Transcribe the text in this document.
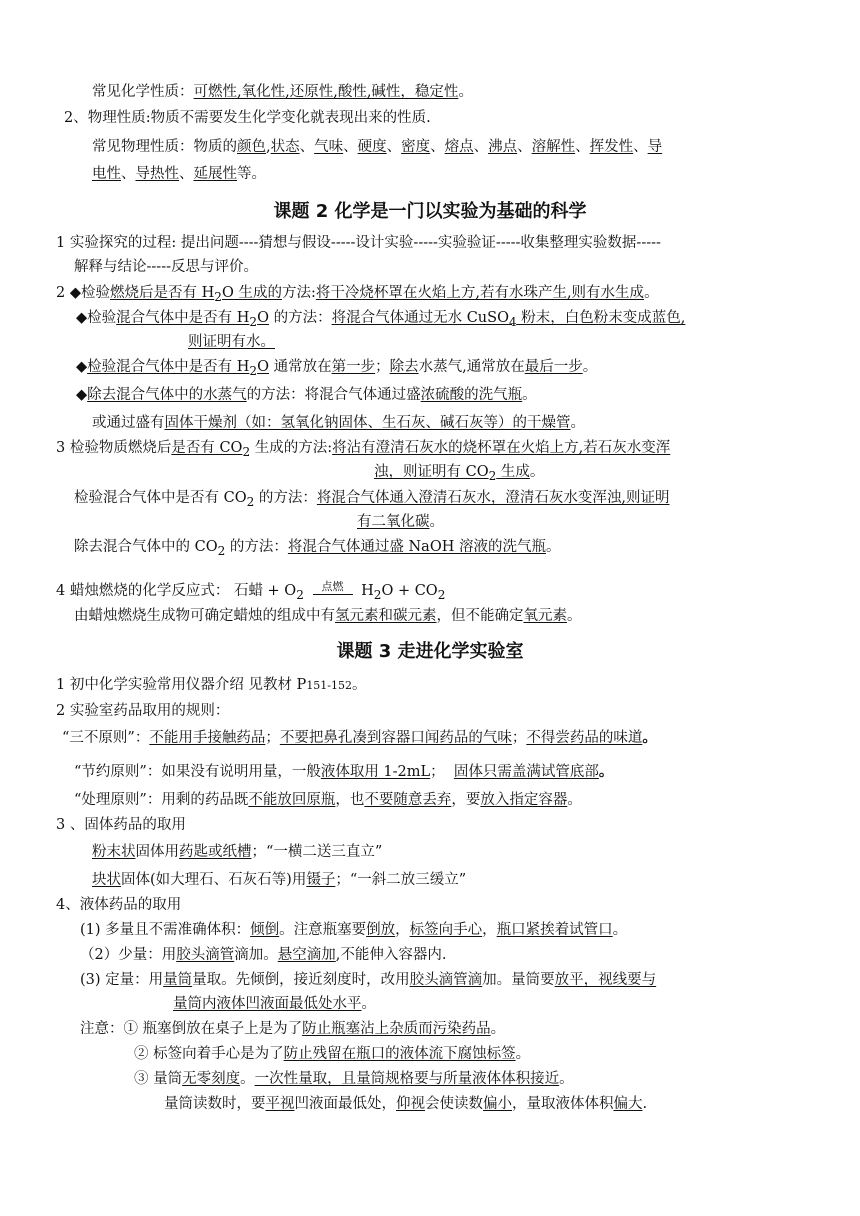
常见化学性质：可燃性,氧化性,还原性,酸性,碱性，稳定性。
2、物理性质:物质不需要发生化学变化就表现出来的性质.
常见物理性质：物质的颜色,状态、气味、硬度、密度、熔点、沸点、溶解性、挥发性、导
电性、导热性、延展性等。
课题 2 化学是一门以实验为基础的科学
1 实验探究的过程: 提出问题----猜想与假设-----设计实验-----实验验证-----收集整理实验数据-----
解释与结论-----反思与评价。
2 ◆检验燃烧后是否有 $H_2O$ 生成的方法:将干冷烧杯罩在火焰上方,若有水珠产生,则有水生成。
◆检验混合气体中是否有 $H_2O$ 的方法：将混合气体通过无水 CuSO$_4$ 粉末，白色粉末变成蓝色,
则证明有水。
◆检验混合气体中是否有 $H_2O$ 通常放在第一步；除去水蒸气,通常放在最后一步。
◆除去混合气体中的水蒸气的方法：将混合气体通过盛浓硫酸的洗气瓶。
或通过盛有固体干燥剂（如：氢氧化钠固体、生石灰、碱石灰等）的干燥管。
3 检验物质燃烧后是否有 $CO_2$ 生成的方法:将沾有澄清石灰水的烧杯罩在火焰上方,若石灰水变浑
浊，则证明有 $CO_2$ 生成。
检验混合气体中是否有 $CO_2$ 的方法：将混合气体通入澄清石灰水，澄清石灰水变浑浊,则证明
有二氧化碳。
除去混合气体中的 $CO_2$ 的方法：将混合气体通过盛 NaOH 溶液的洗气瓶。
4 蜡烛燃烧的化学反应式： 石蜡 + $O_2$
点燃	$H_2O + CO_2$
由蜡烛燃烧生成物可确定蜡烛的组成中有氢元素和碳元素，但不能确定氧元素。
课题 3 走进化学实验室
1 初中化学实验常用仪器介绍 见教材 P151-152。
2 实验室药品取用的规则：
“三不原则”：不能用手接触药品；不要把鼻孔凑到容器口闻药品的气味；不得尝药品的味道。
“节约原则”：如果没有说明用量，一般液体取用 1-2mL；  固体只需盖满试管底部。
“处理原则”：用剩的药品既不能放回原瓶，也不要随意丢弃，要放入指定容器。
3 、固体药品的取用
粉末状固体用药匙或纸槽；“一横二送三直立”
块状固体(如大理石、石灰石等)用镊子；“一斜二放三缓立”
4、液体药品的取用
(1) 多量且不需准确体积：倾倒。注意瓶塞要倒放，标签向手心，瓶口紧挨着试管口。
（2）少量：用胶头滴管滴加。悬空滴加,不能伸入容器内.
(3) 定量：用量筒量取。先倾倒，接近刻度时，改用胶头滴管滴加。量筒要放平，视线要与
量筒内液体凹液面最低处水平。
注意：① 瓶塞倒放在桌子上是为了防止瓶塞沾上杂质而污染药品。
② 标签向着手心是为了防止残留在瓶口的液体流下腐蚀标签。
③ 量筒无零刻度。一次性量取，且量筒规格要与所量液体体积接近。
量筒读数时，要平视凹液面最低处，仰视会使读数偏小，量取液体体积偏大.
